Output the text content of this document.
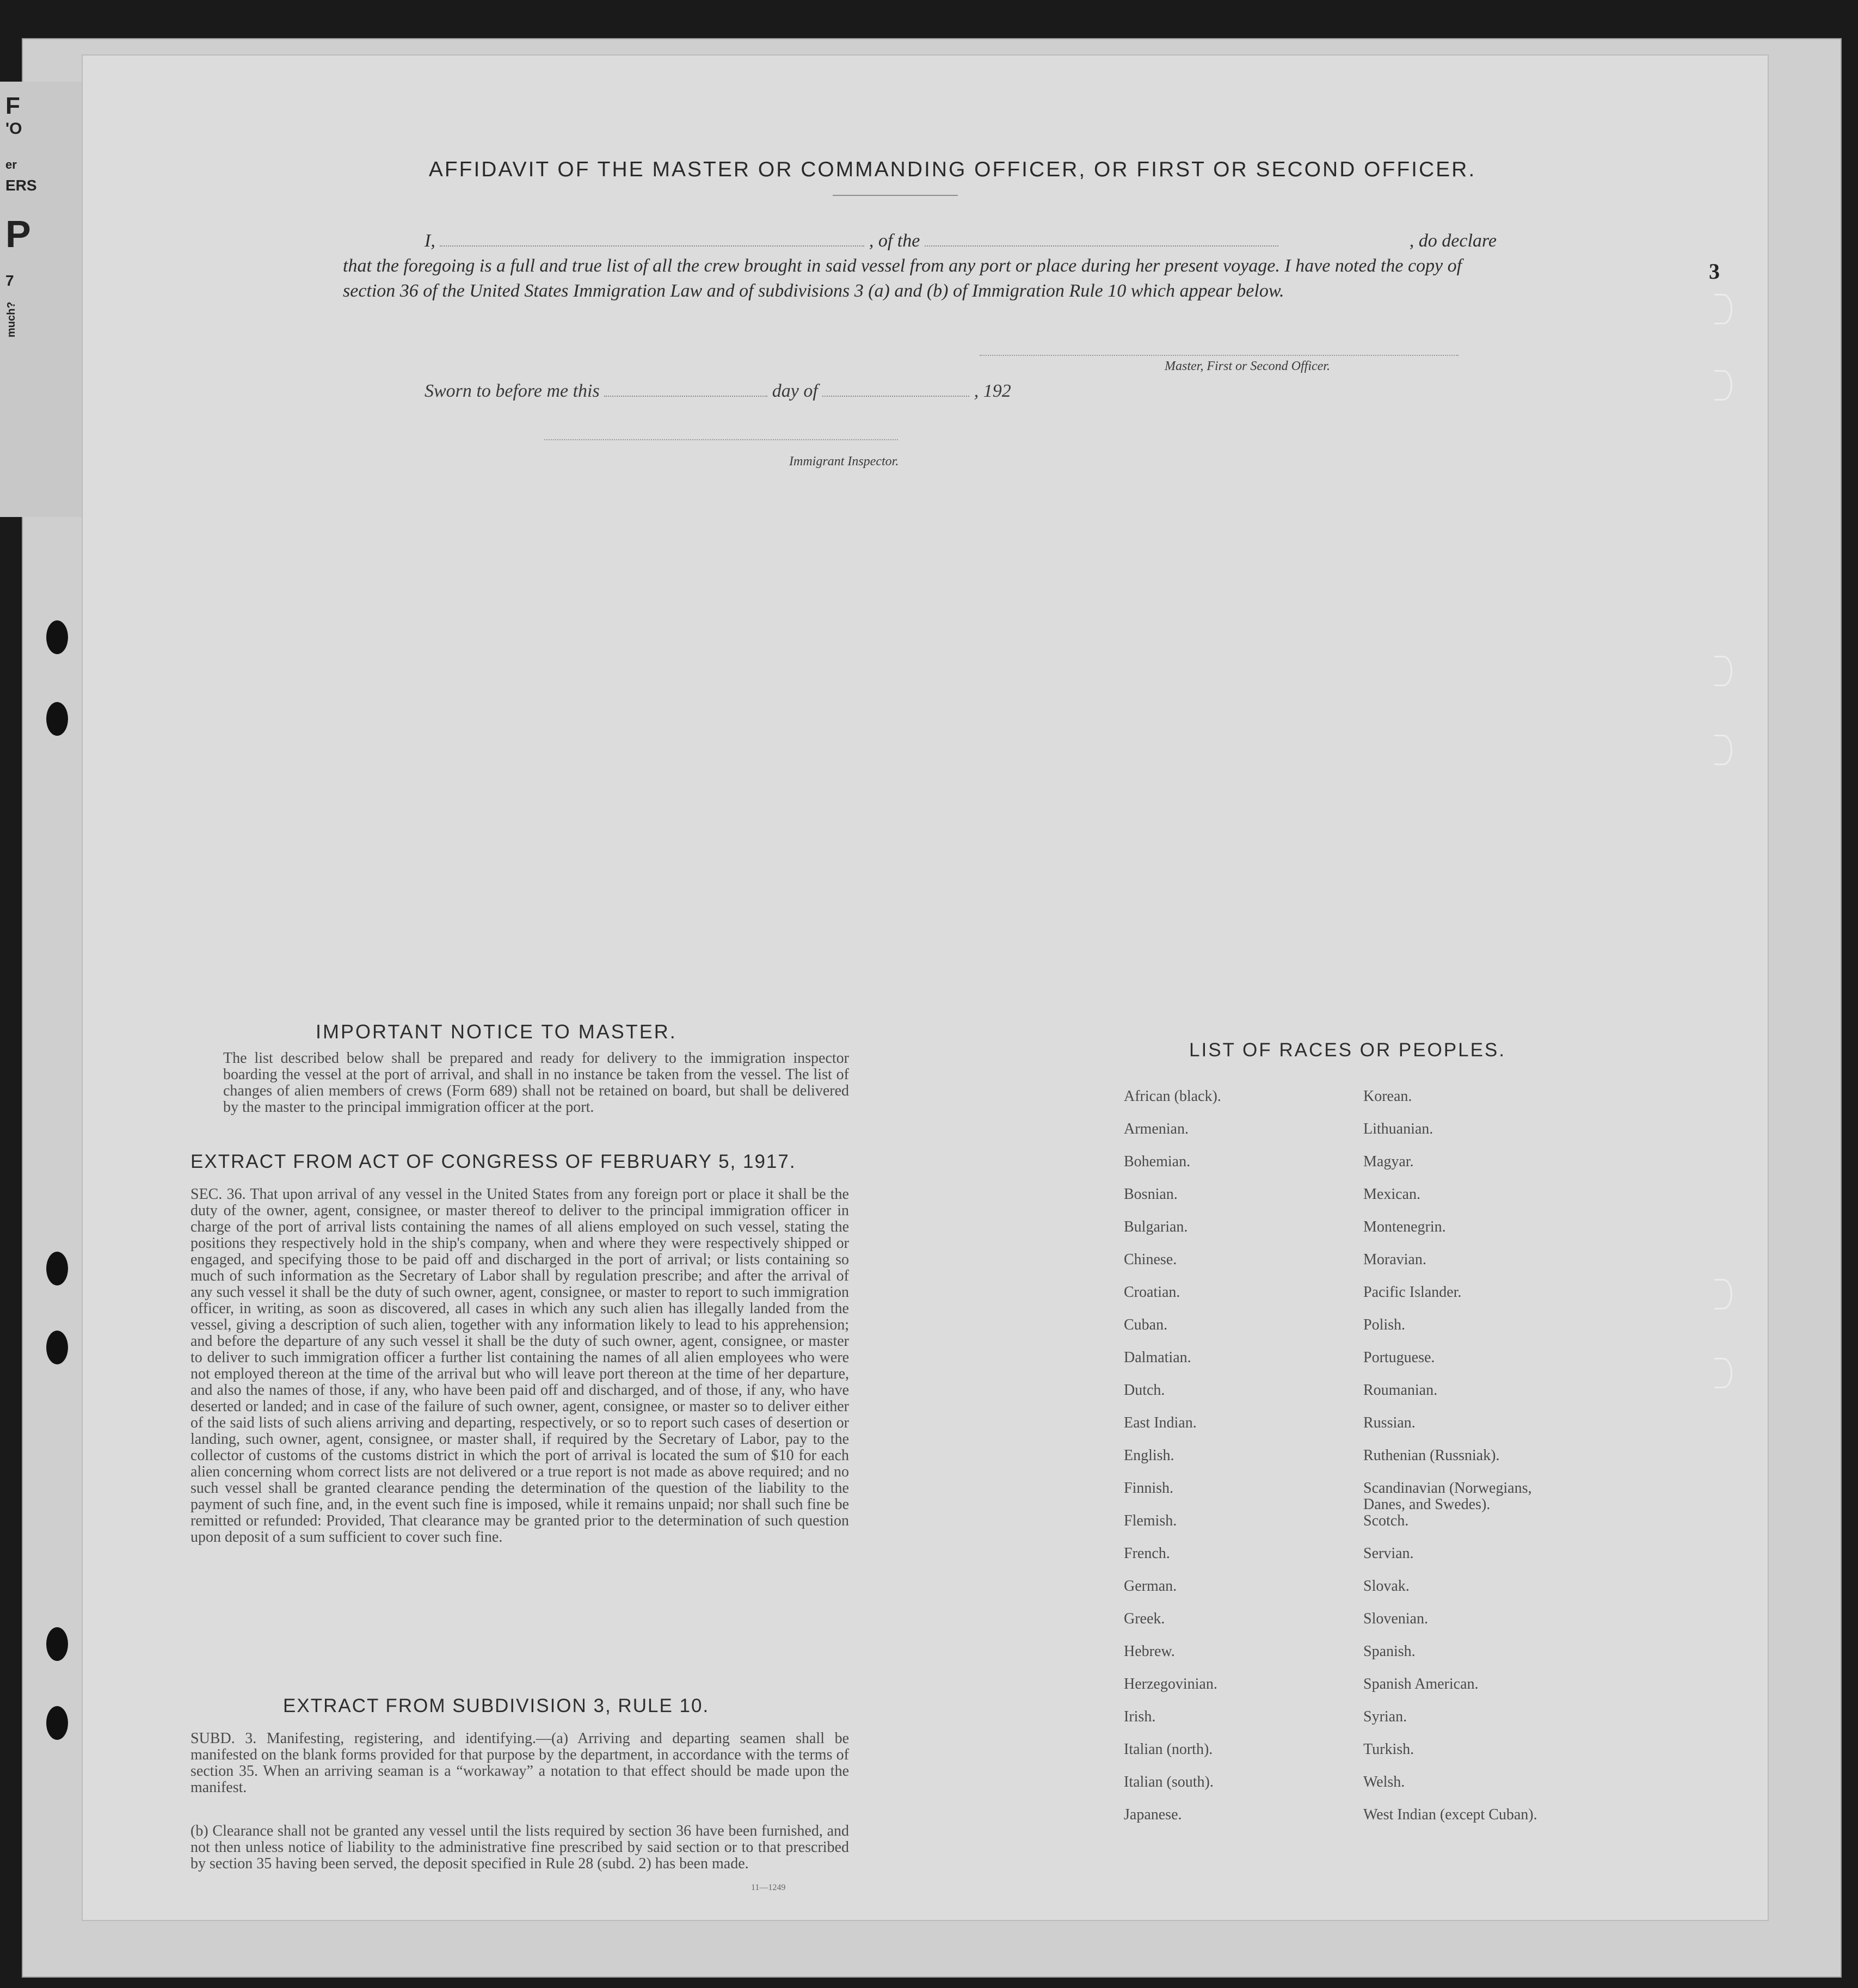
F
'O
er
ERS
P
7
much?
3
AFFIDAVIT OF THE MASTER OR COMMANDING OFFICER, OR FIRST OR SECOND OFFICER.
I,	, of the	, do declare
that the foregoing is a full and true list of all the crew brought in said vessel from any port or place during her present voyage. I have noted the copy of section 36 of the United States Immigration Law and of subdivisions 3 (a) and (b) of Immigration Rule 10 which appear below.
Master, First or Second Officer.
Sworn to before me this	day of	, 192
Immigrant Inspector.
IMPORTANT NOTICE TO MASTER.
The list described below shall be prepared and ready for delivery to the immigration inspector boarding the vessel at the port of arrival, and shall in no instance be taken from the vessel. The list of changes of alien members of crews (Form 689) shall not be retained on board, but shall be delivered by the master to the principal immigration officer at the port.
EXTRACT FROM ACT OF CONGRESS OF FEBRUARY 5, 1917.
SEC. 36. That upon arrival of any vessel in the United States from any foreign port or place it shall be the duty of the owner, agent, consignee, or master thereof to deliver to the principal immigration officer in charge of the port of arrival lists containing the names of all aliens employed on such vessel, stating the positions they respectively hold in the ship's company, when and where they were respectively shipped or engaged, and specifying those to be paid off and discharged in the port of arrival; or lists containing so much of such information as the Secretary of Labor shall by regulation prescribe; and after the arrival of any such vessel it shall be the duty of such owner, agent, consignee, or master to report to such immigration officer, in writing, as soon as discovered, all cases in which any such alien has illegally landed from the vessel, giving a description of such alien, together with any information likely to lead to his apprehension; and before the departure of any such vessel it shall be the duty of such owner, agent, consignee, or master to deliver to such immigration officer a further list containing the names of all alien employees who were not employed thereon at the time of the arrival but who will leave port thereon at the time of her departure, and also the names of those, if any, who have been paid off and discharged, and of those, if any, who have deserted or landed; and in case of the failure of such owner, agent, consignee, or master so to deliver either of the said lists of such aliens arriving and departing, respectively, or so to report such cases of desertion or landing, such owner, agent, consignee, or master shall, if required by the Secretary of Labor, pay to the collector of customs of the customs district in which the port of arrival is located the sum of $10 for each alien concerning whom correct lists are not delivered or a true report is not made as above required; and no such vessel shall be granted clearance pending the determination of the question of the liability to the payment of such fine, and, in the event such fine is imposed, while it remains unpaid; nor shall such fine be remitted or refunded: Provided, That clearance may be granted prior to the determination of such question upon deposit of a sum sufficient to cover such fine.
EXTRACT FROM SUBDIVISION 3, RULE 10.
SUBD. 3. Manifesting, registering, and identifying.—(a) Arriving and departing seamen shall be manifested on the blank forms provided for that purpose by the department, in accordance with the terms of section 35. When an arriving seaman is a “workaway” a notation to that effect should be made upon the manifest.
(b) Clearance shall not be granted any vessel until the lists required by section 36 have been furnished, and not then unless notice of liability to the administrative fine prescribed by said section or to that prescribed by section 35 having been served, the deposit specified in Rule 28 (subd. 2) has been made.
11—1249
LIST OF RACES OR PEOPLES.
African (black).	Korean.
Armenian.	Lithuanian.
Bohemian.	Magyar.
Bosnian.	Mexican.
Bulgarian.	Montenegrin.
Chinese.	Moravian.
Croatian.	Pacific Islander.
Cuban.	Polish.
Dalmatian.	Portuguese.
Dutch.	Roumanian.
East Indian.	Russian.
English.	Ruthenian (Russniak).
Finnish.	Scandinavian (Norwegians, Danes, and Swedes).
Flemish.	Scotch.
French.	Servian.
German.	Slovak.
Greek.	Slovenian.
Hebrew.	Spanish.
Herzegovinian.	Spanish American.
Irish.	Syrian.
Italian (north).	Turkish.
Italian (south).	Welsh.
Japanese.	West Indian (except Cuban).
